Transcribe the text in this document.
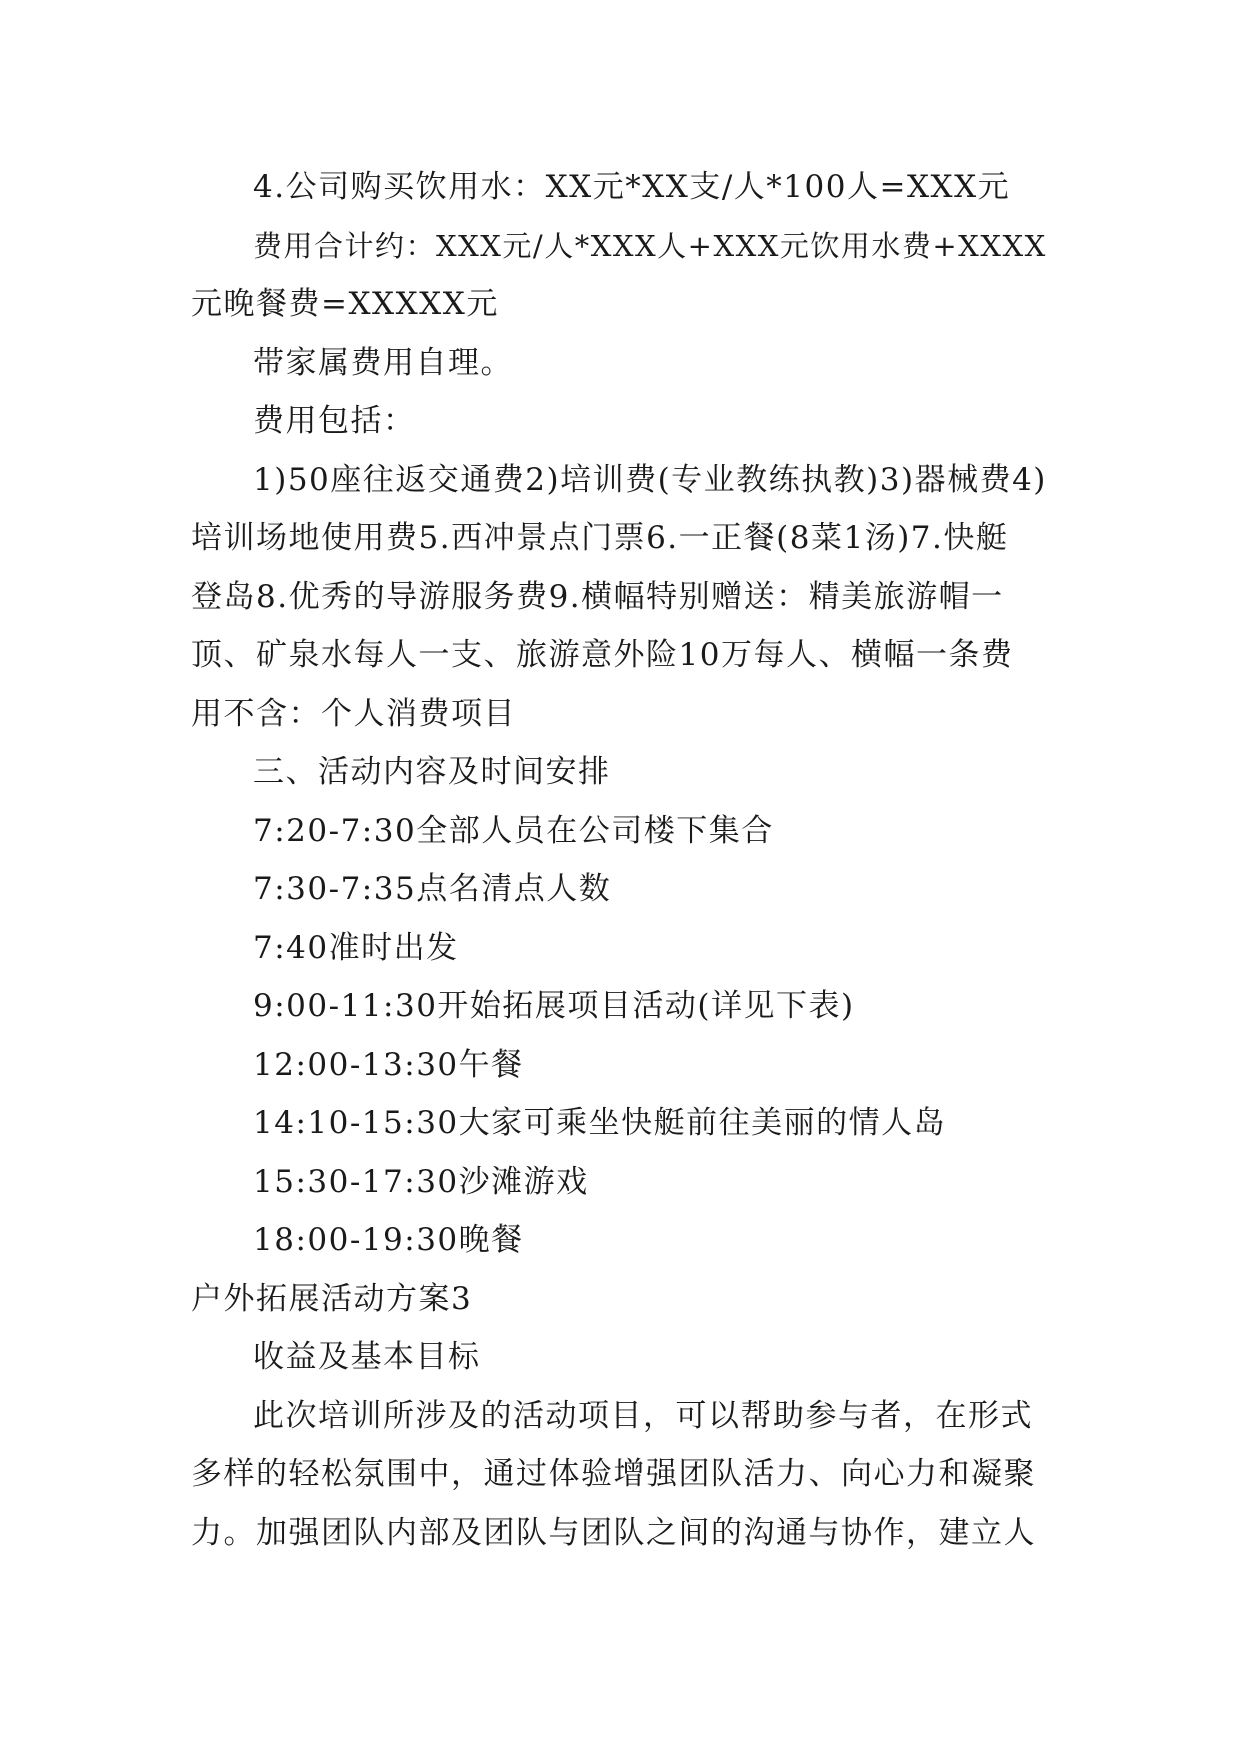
4.公司购买饮用水：XX元*XX支/人*100人=XXX元
费用合计约：XXX元/人*XXX人+XXX元饮用水费+XXXX
元晚餐费=XXXXX元
带家属费用自理。
费用包括：
1)50座往返交通费2)培训费(专业教练执教)3)器械费4)
培训场地使用费5.西冲景点门票6.一正餐(8菜1汤)7.快艇
登岛8.优秀的导游服务费9.横幅特别赠送：精美旅游帽一
顶、矿泉水每人一支、旅游意外险10万每人、横幅一条费
用不含：个人消费项目
三、活动内容及时间安排
7:20-7:30全部人员在公司楼下集合
7:30-7:35点名清点人数
7:40准时出发
9:00-11:30开始拓展项目活动(详见下表)
12:00-13:30午餐
14:10-15:30大家可乘坐快艇前往美丽的情人岛
15:30-17:30沙滩游戏
18:00-19:30晚餐
户外拓展活动方案3
收益及基本目标
此次培训所涉及的活动项目，可以帮助参与者，在形式
多样的轻松氛围中，通过体验增强团队活力、向心力和凝聚
力。加强团队内部及团队与团队之间的沟通与协作，建立人
